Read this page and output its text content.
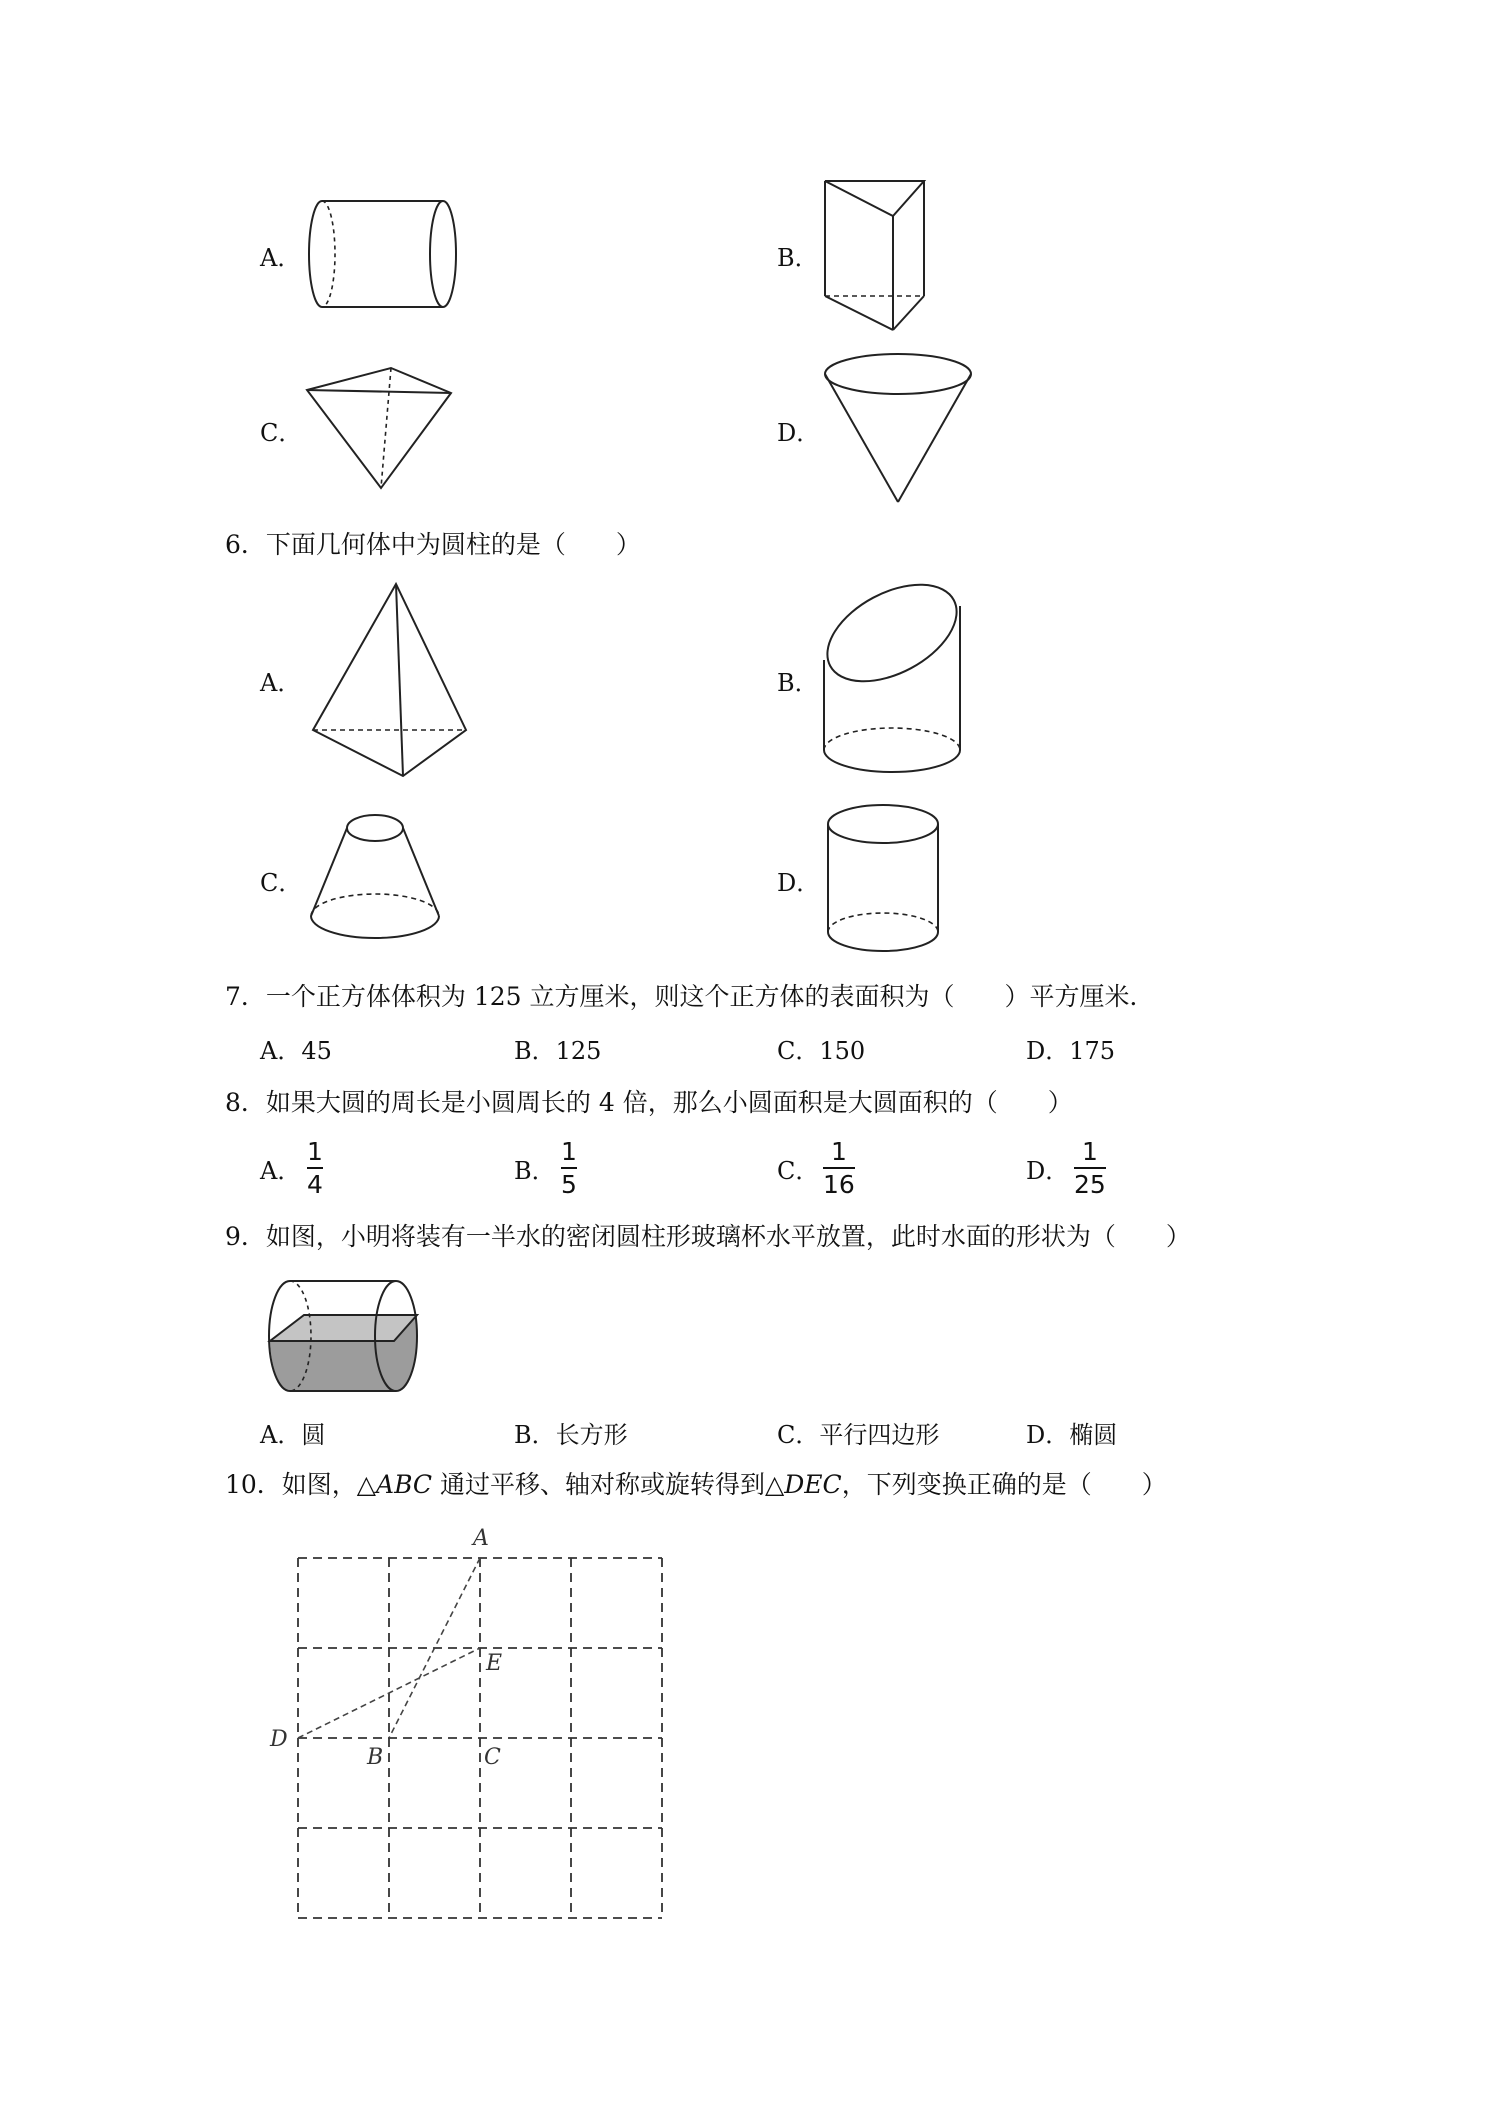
A．	B．
C．	D．
6．下面几何体中为圆柱的是（　　）
A．	B．
C．	D．
7．一个正方体体积为 125 立方厘米，则这个正方体的表面积为（　　）平方厘米．
A．45	B．125	C．150	D．175
8．如果大圆的周长是小圆周长的 4 倍，那么小圆面积是大圆面积的（　　）
A．
1
4	B．
1
5	C．
1
16	D．
1
25
9．如图，小明将装有一半水的密闭圆柱形玻璃杯水平放置，此时水面的形状为（　　）
A．圆	B．长方形	C．平行四边形	D．椭圆
10．如图，△ABC 通过平移、轴对称或旋转得到△DEC，下列变换正确的是（　　）
A
E
D
B	C
